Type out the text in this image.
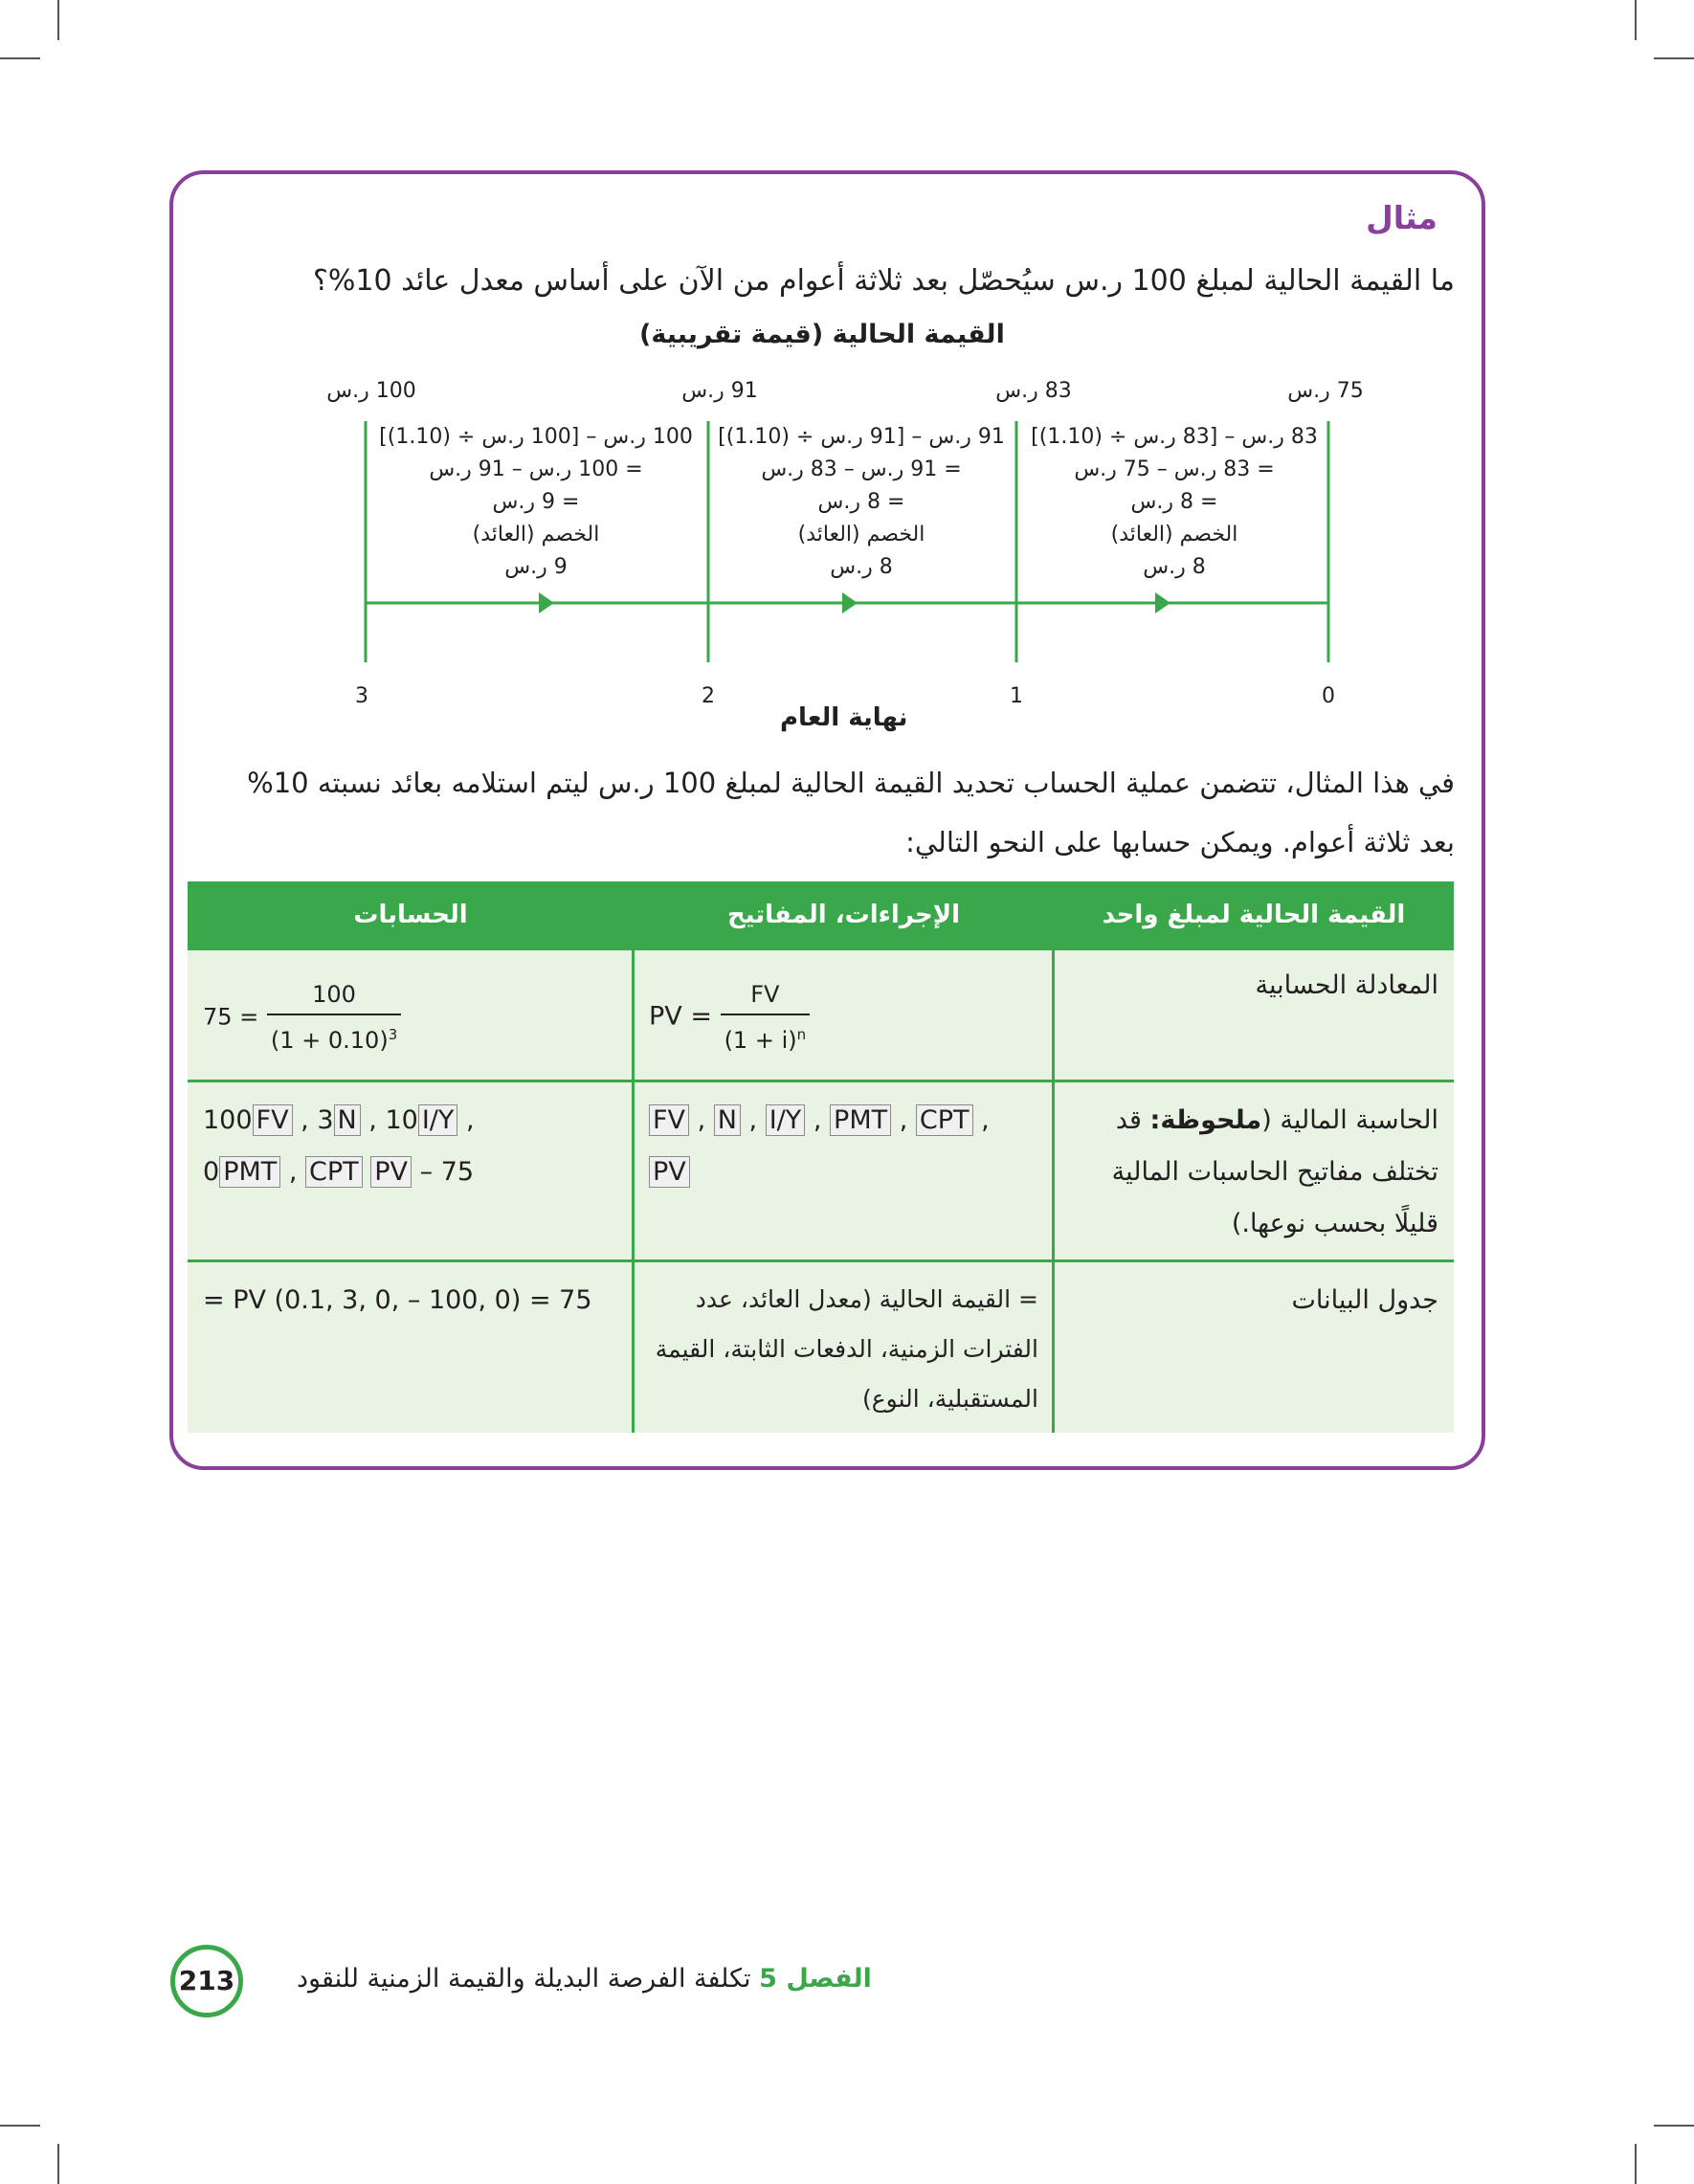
مثال
ما القيمة الحالية لمبلغ 100 ر.س سيُحصّل بعد ثلاثة أعوام من الآن على أساس معدل عائد 10%؟
القيمة الحالية (قيمة تقريبية)
75 ر.س
83 ر.س
91 ر.س
100 ر.س
83 ر.س – [83 ر.س ÷ (1.10)]
= 83 ر.س – 75 ر.س
= 8 ر.س
الخصم (العائد)
8 ر.س
91 ر.س – [91 ر.س ÷ (1.10)]
= 91 ر.س – 83 ر.س
= 8 ر.س
الخصم (العائد)
8 ر.س
100 ر.س – [100 ر.س ÷ (1.10)]
= 100 ر.س – 91 ر.س
= 9 ر.س
الخصم (العائد)
9 ر.س
0
1
2
3
نهاية العام
في هذا المثال، تتضمن عملية الحساب تحديد القيمة الحالية لمبلغ 100 ر.س ليتم استلامه بعائد نسبته 10%
بعد ثلاثة أعوام. ويمكن حسابها على النحو التالي:
القيمة الحالية لمبلغ واحد
الإجراءات، المفاتيح
الحسابات
المعادلة الحسابية
PV = $\frac{FV}{(1 + i)^n}$
$75 = \frac{100}{(1 + 0.10)^3}$
الحاسبة المالية (ملحوظة: قد تختلف مفاتيح الحاسبات المالية قليلًا بحسب نوعها.)
FV , N , I/Y , PMT , CPT ,
PV
100 FV , 3 N , 10 I/Y ,
0 PMT , CPT PV – 75
جدول البيانات
= القيمة الحالية (معدل العائد، عدد الفترات الزمنية، الدفعات الثابتة، القيمة المستقبلية، النوع)
= PV (0.1, 3, 0, – 100, 0) = 75
213	الفصل 5 تكلفة الفرصة البديلة والقيمة الزمنية للنقود
